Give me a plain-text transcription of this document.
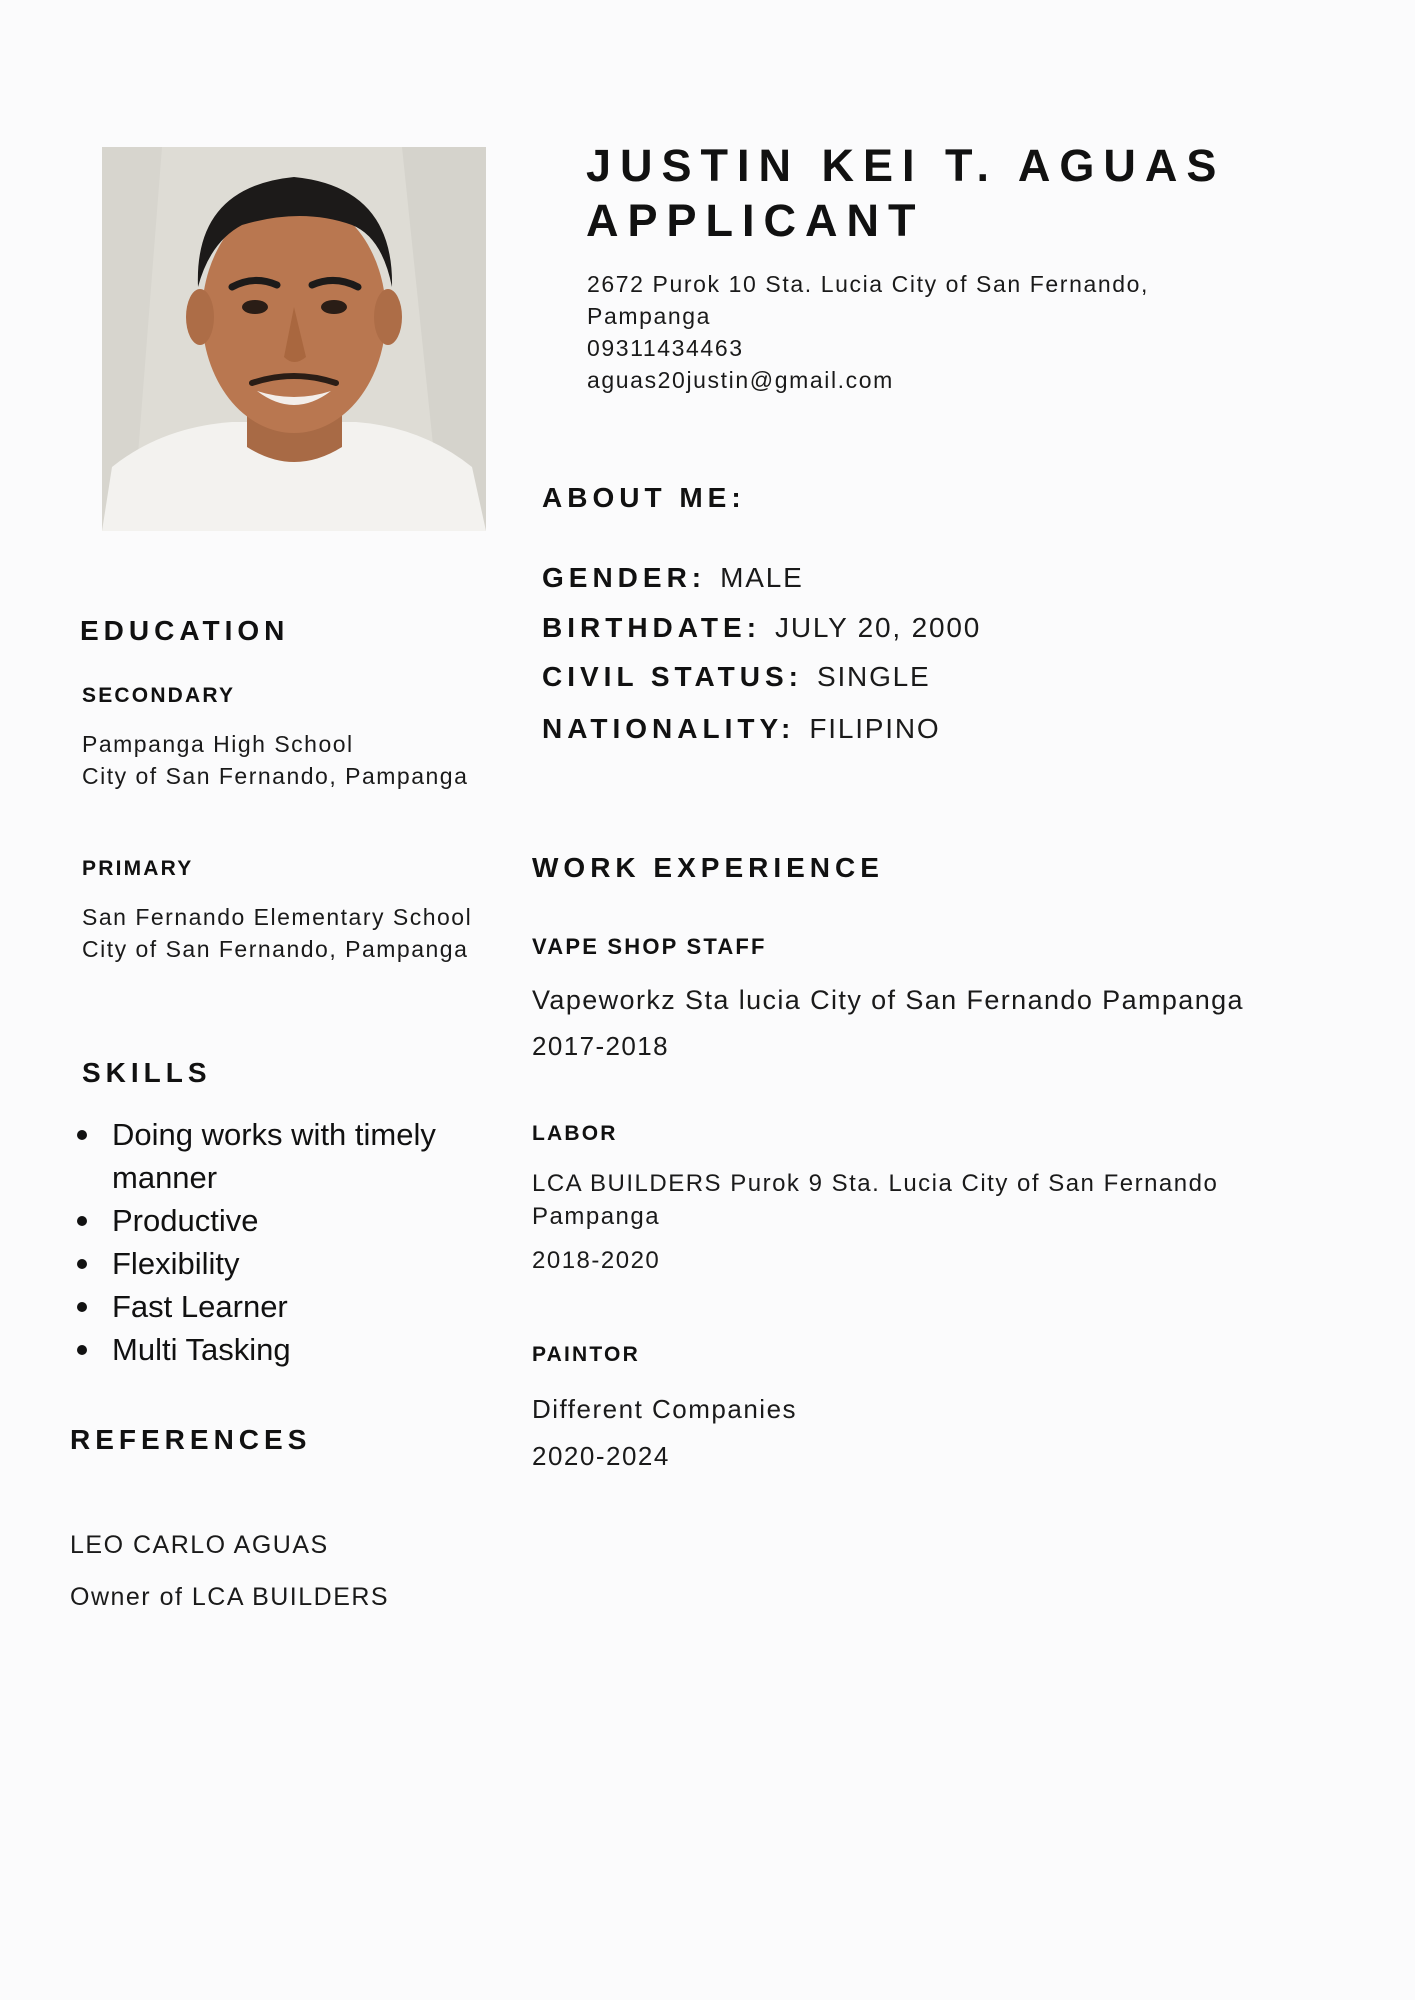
JUSTIN KEI T. AGUAS
APPLICANT
2672 Purok 10 Sta. Lucia City of San Fernando,
Pampanga
09311434463
aguas20justin@gmail.com
ABOUT ME:
GENDER: MALE
BIRTHDATE: JULY 20, 2000
CIVIL STATUS: SINGLE
NATIONALITY: FILIPINO
EDUCATION
SECONDARY
Pampanga High School
City of San Fernando, Pampanga
PRIMARY
San Fernando Elementary School
City of San Fernando, Pampanga
SKILLS
Doing works with timely manner
Productive
Flexibility
Fast Learner
Multi Tasking
REFERENCES
LEO CARLO AGUAS
Owner of LCA BUILDERS
WORK EXPERIENCE
VAPE SHOP STAFF
Vapeworkz Sta lucia City of San Fernando Pampanga
2017-2018
LABOR
LCA BUILDERS Purok 9 Sta. Lucia City of San Fernando
Pampanga
2018-2020
PAINTOR
Different Companies
2020-2024
